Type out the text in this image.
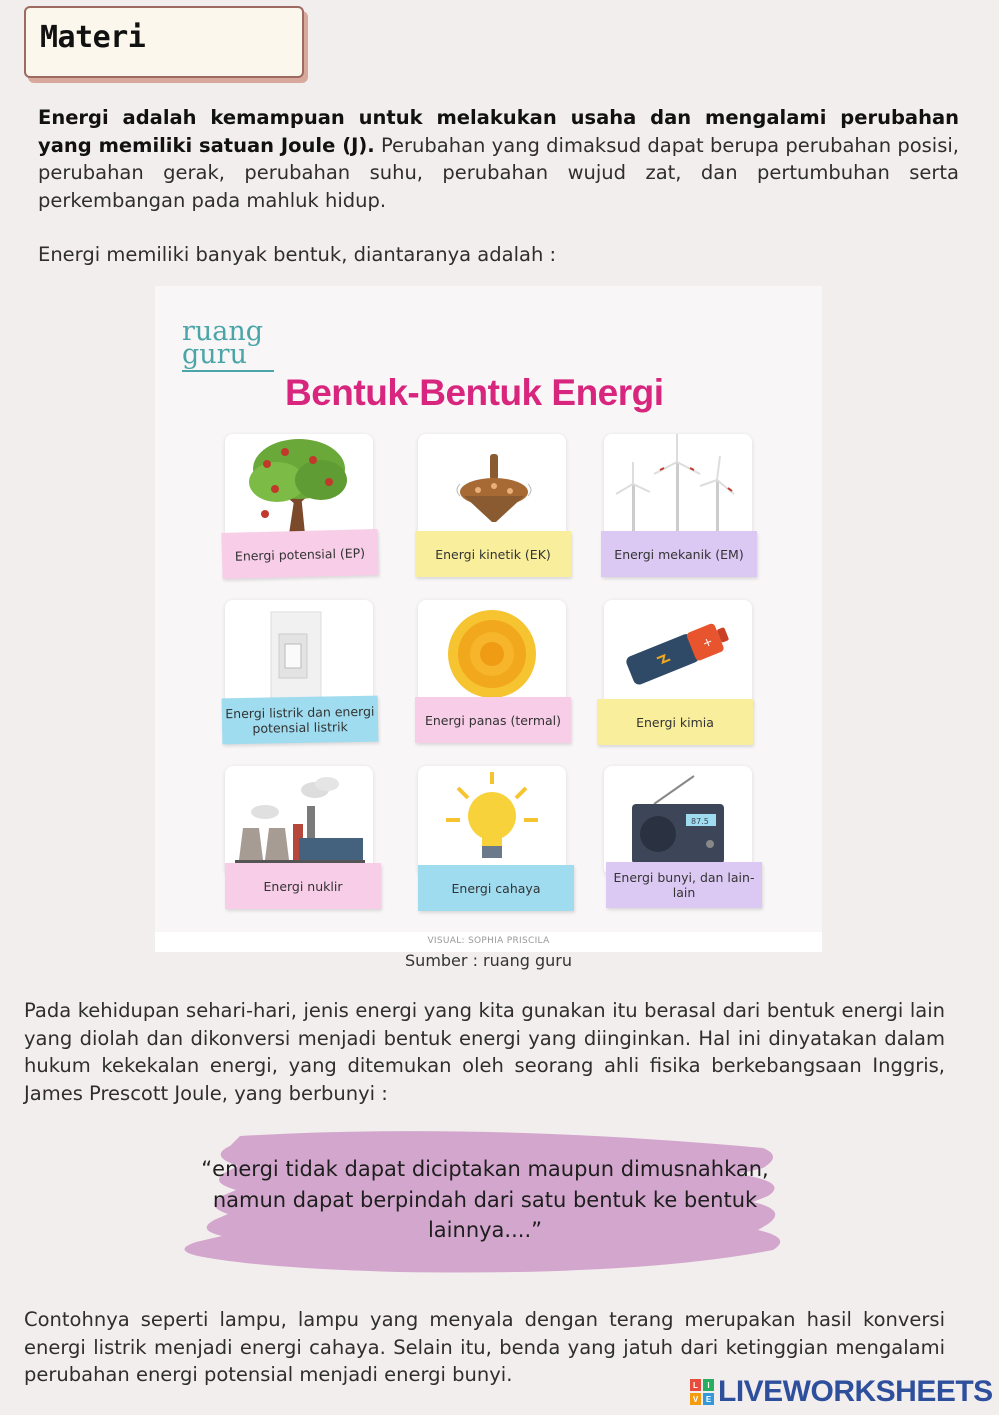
Materi
Energi adalah kemampuan untuk melakukan usaha dan mengalami perubahan yang memiliki satuan Joule (J). Perubahan yang dimaksud dapat berupa perubahan posisi, perubahan gerak, perubahan suhu, perubahan wujud zat, dan pertumbuhan serta perkembangan pada mahluk hidup.
Energi memiliki banyak bentuk, diantaranya adalah :
ruang
guru
Bentuk-Bentuk Energi
Energi potensial (EP)	Energi kinetik (EK)	Energi mekanik (EM)
+
Energi listrik dan energi potensial listrik	Energi panas (termal)	Energi kimia
87.5
Energi nuklir	Energi cahaya
Energi bunyi, dan lain-lain
VISUAL: SOPHIA PRISCILA
Sumber : ruang guru
Pada kehidupan sehari-hari, jenis energi yang kita gunakan itu berasal dari bentuk energi lain yang diolah dan dikonversi menjadi bentuk energi yang diinginkan. Hal ini dinyatakan dalam hukum kekekalan energi, yang ditemukan oleh seorang ahli fisika berkebangsaan Inggris, James Prescott Joule, yang berbunyi :
“energi tidak dapat diciptakan maupun dimusnahkan, namun dapat berpindah dari satu bentuk ke bentuk lainnya....”
Contohnya seperti lampu, lampu yang menyala dengan terang merupakan hasil konversi energi listrik menjadi energi cahaya. Selain itu, benda yang jatuh dari ketinggian mengalami perubahan energi potensial menjadi energi bunyi.	L	I
V E LIVEWORKSHEETS
